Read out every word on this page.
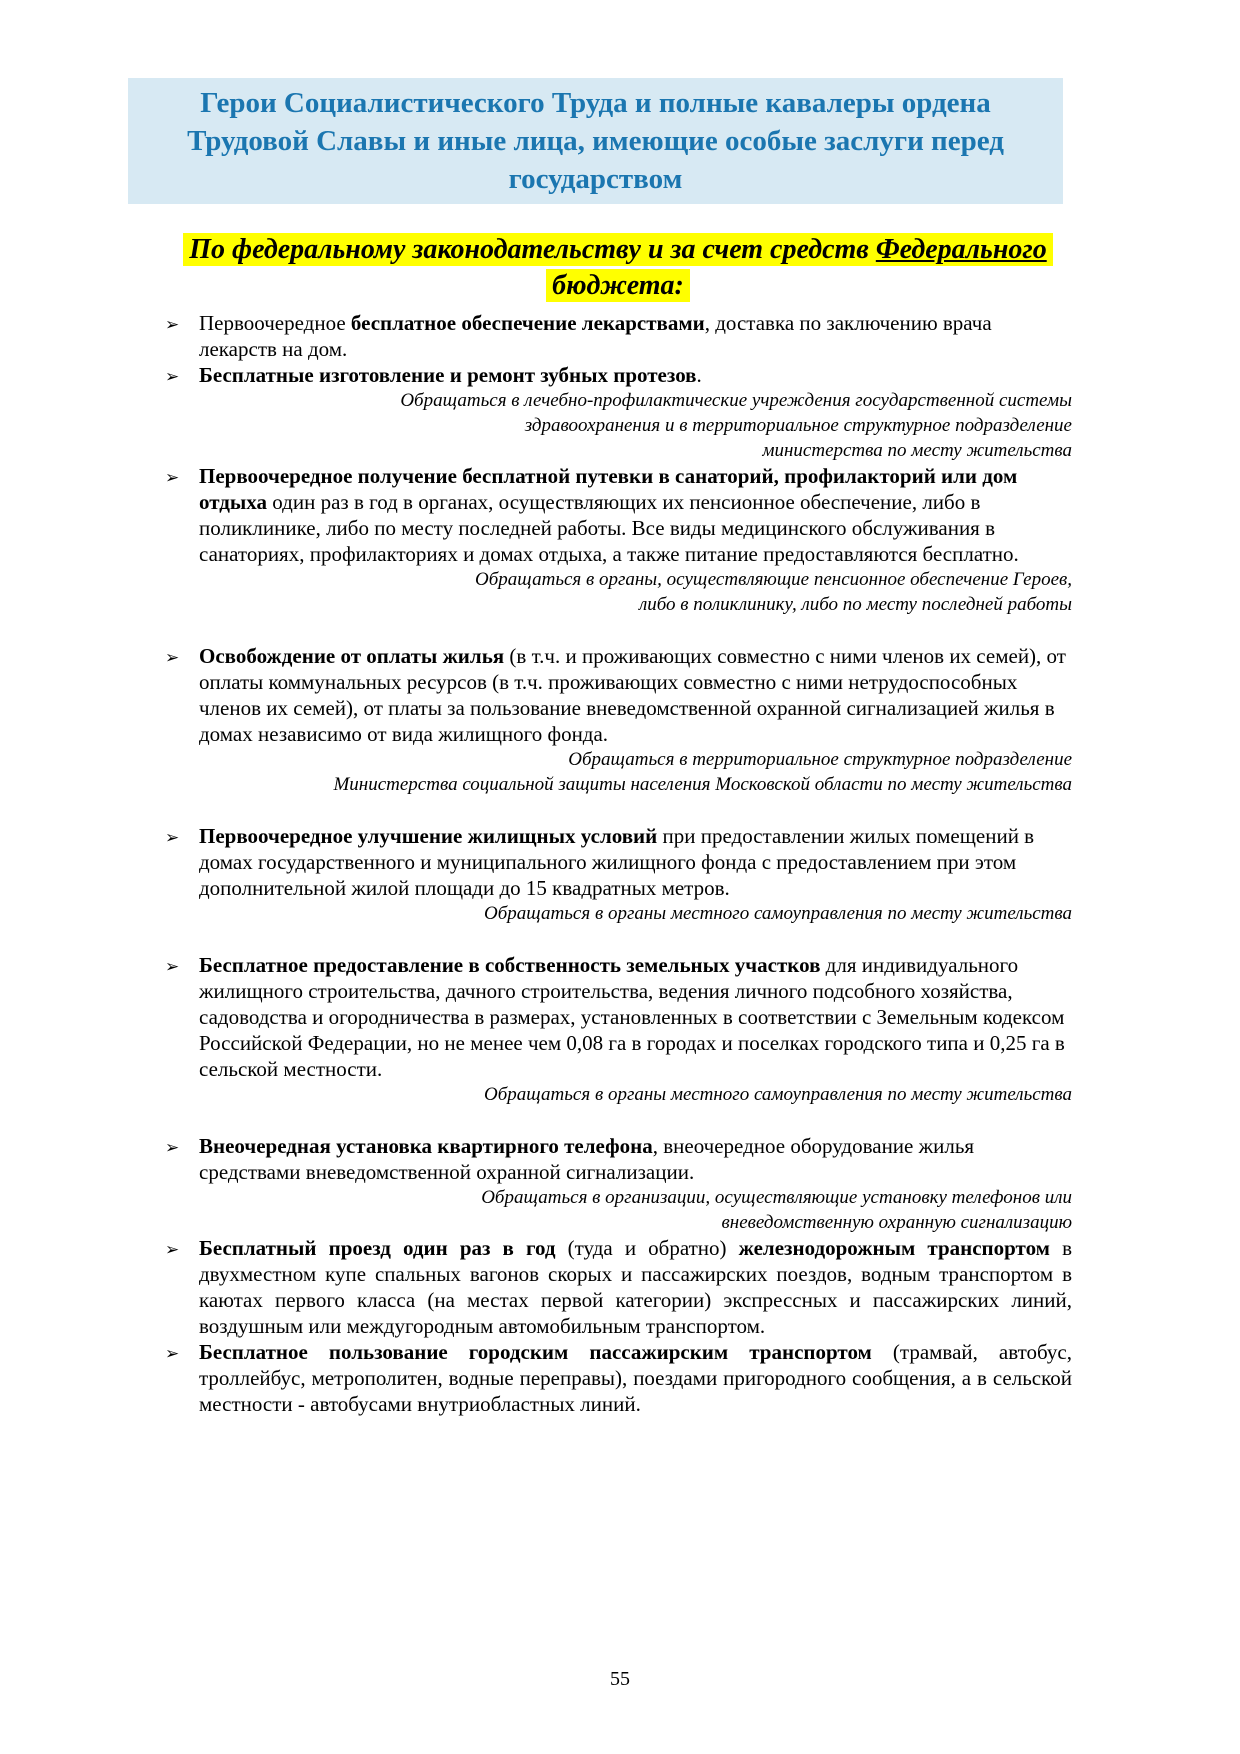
Герои Социалистического Труда и полные кавалеры ордена Трудовой Славы и иные лица, имеющие особые заслуги перед государством
По федеральному законодательству и за счет средств Федерального
бюджета:
➢ Первоочередное бесплатное обеспечение лекарствами, доставка по заключению врача лекарств на дом.
➢ Бесплатные изготовление и ремонт зубных протезов.
Обращаться в лечебно-профилактические учреждения государственной системы
здравоохранения и в территориальное структурное подразделение
министерства по месту жительства
➢ Первоочередное получение бесплатной путевки в санаторий, профилакторий или дом отдыха один раз в год в органах, осуществляющих их пенсионное обеспечение, либо в поликлинике, либо по месту последней работы. Все виды медицинского обслуживания в санаториях, профилакториях и домах отдыха, а также питание предоставляются бесплатно.
Обращаться в органы, осуществляющие пенсионное обеспечение Героев,
либо в поликлинику, либо по месту последней работы
➢ Освобождение от оплаты жилья (в т.ч. и проживающих совместно с ними членов их семей), от оплаты коммунальных ресурсов (в т.ч. проживающих совместно с ними нетрудоспособных членов их семей), от платы за пользование вневедомственной охранной сигнализацией жилья в домах независимо от вида жилищного фонда.
Обращаться в территориальное структурное подразделение
Министерства социальной защиты населения Московской области по месту жительства
➢ Первоочередное улучшение жилищных условий при предоставлении жилых помещений в домах государственного и муниципального жилищного фонда с предоставлением при этом дополнительной жилой площади до 15 квадратных метров.
Обращаться в органы местного самоуправления по месту жительства
➢ Бесплатное предоставление в собственность земельных участков для индивидуального жилищного строительства, дачного строительства, ведения личного подсобного хозяйства, садоводства и огородничества в размерах, установленных в соответствии с Земельным кодексом Российской Федерации, но не менее чем 0,08 га в городах и поселках городского типа и 0,25 га в сельской местности.
Обращаться в органы местного самоуправления по месту жительства
➢ Внеочередная установка квартирного телефона, внеочередное оборудование жилья средствами вневедомственной охранной сигнализации.
Обращаться в организации, осуществляющие установку телефонов или
вневедомственную охранную сигнализацию
➢ Бесплатный проезд один раз в год (туда и обратно) железнодорожным транспортом в двухместном купе спальных вагонов скорых и пассажирских поездов, водным транспортом в каютах первого класса (на местах первой категории) экспрессных и пассажирских линий, воздушным или междугородным автомобильным транспортом.
➢ Бесплатное пользование городским пассажирским транспортом (трамвай, автобус, троллейбус, метрополитен, водные переправы), поездами пригородного сообщения, а в сельской местности - автобусами внутриобластных линий.
55
